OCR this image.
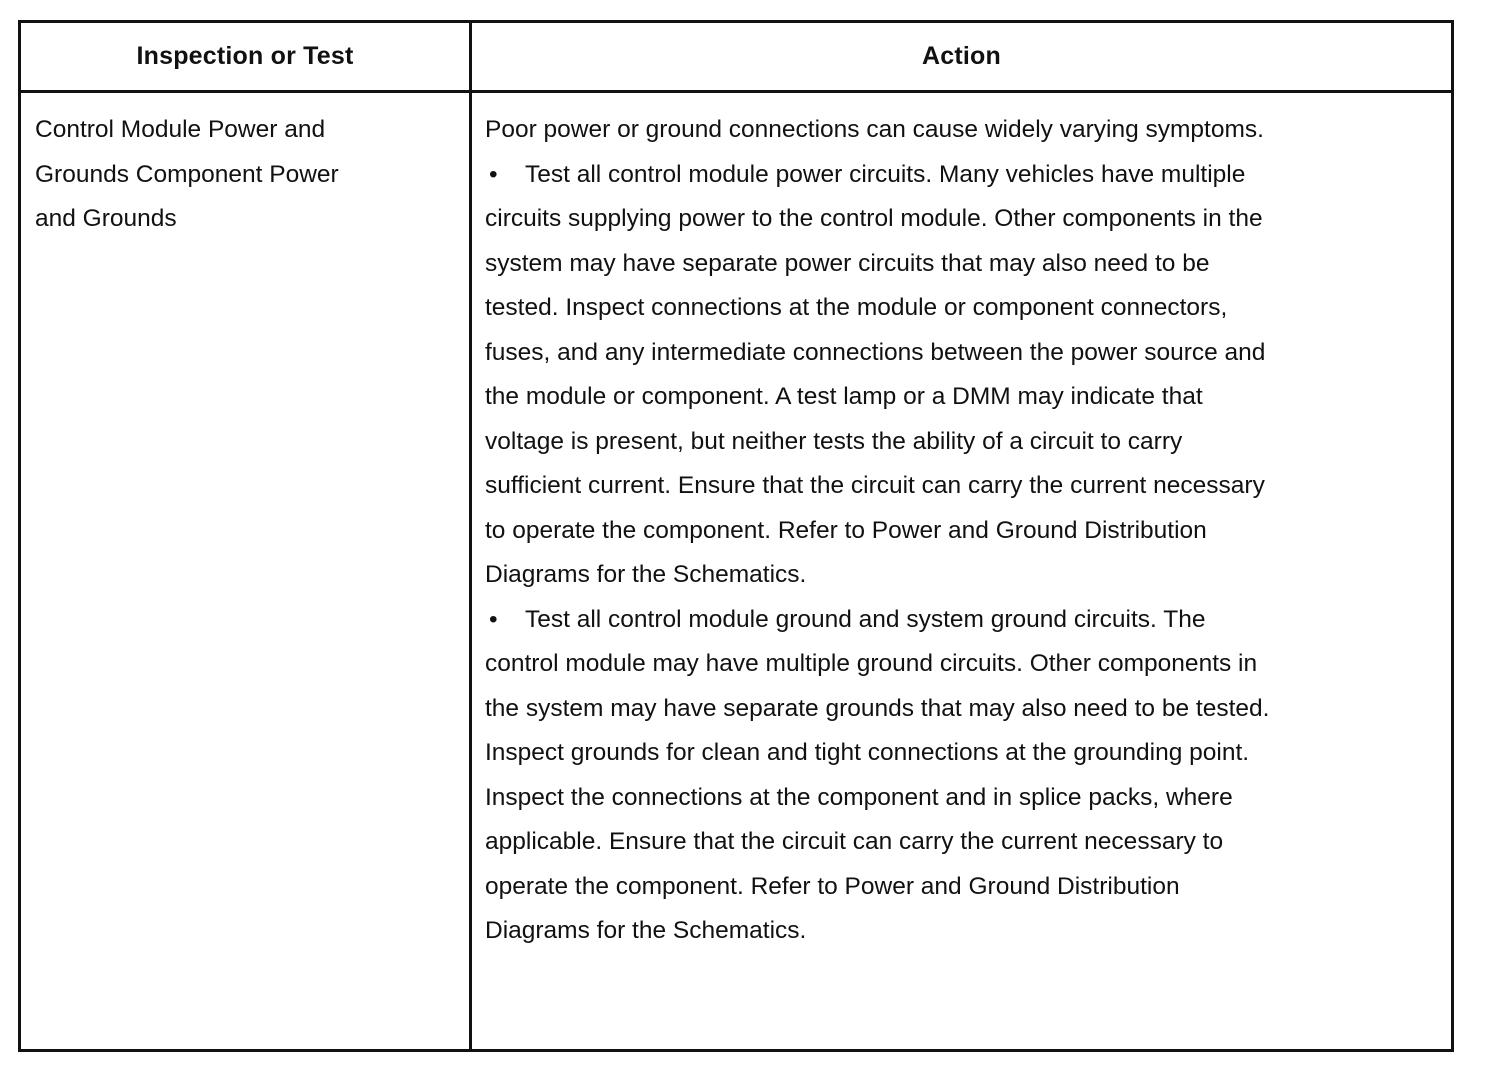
Inspection or Test	Action
Control Module Power and
Grounds Component Power
and Grounds
Poor power or ground connections can cause widely varying symptoms.
• Test all control module power circuits. Many vehicles have multiple
circuits supplying power to the control module. Other components in the
system may have separate power circuits that may also need to be
tested. Inspect connections at the module or component connectors,
fuses, and any intermediate connections between the power source and
the module or component. A test lamp or a DMM may indicate that
voltage is present, but neither tests the ability of a circuit to carry
sufficient current. Ensure that the circuit can carry the current necessary
to operate the component. Refer to Power and Ground Distribution
Diagrams for the Schematics.
• Test all control module ground and system ground circuits. The
control module may have multiple ground circuits. Other components in
the system may have separate grounds that may also need to be tested.
Inspect grounds for clean and tight connections at the grounding point.
Inspect the connections at the component and in splice packs, where
applicable. Ensure that the circuit can carry the current necessary to
operate the component. Refer to Power and Ground Distribution
Diagrams for the Schematics.
